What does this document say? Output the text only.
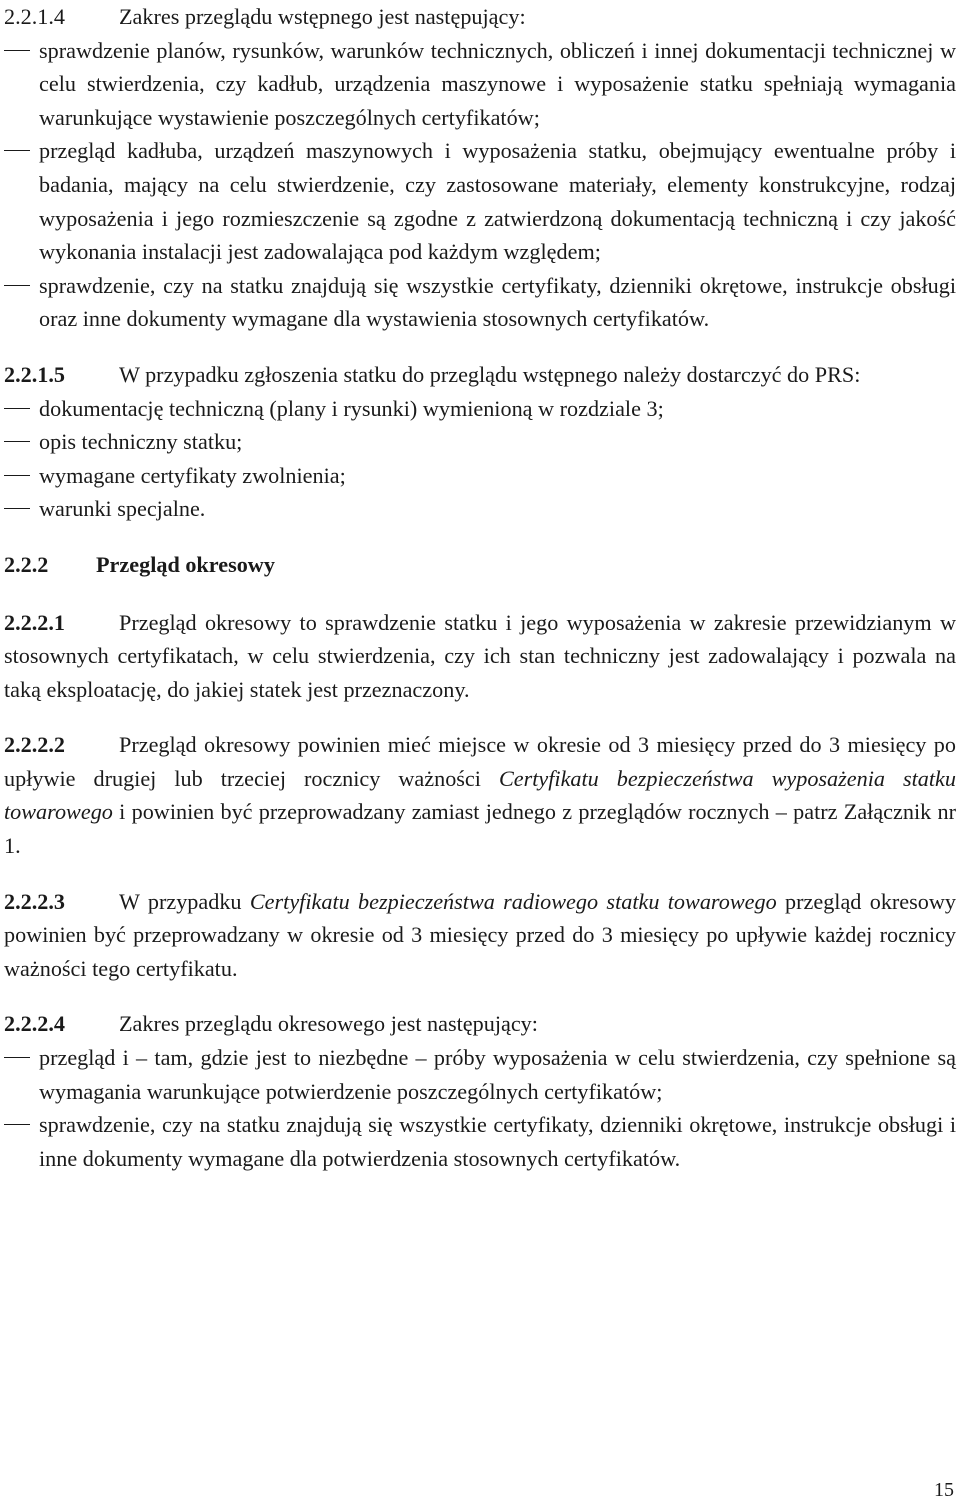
2.2.1.4 Zakres przeglądu wstępnego jest następujący:

sprawdzenie planów, rysunków, warunków technicznych, obliczeń i innej dokumentacji technicznej w celu stwierdzenia, czy kadłub, urządzenia maszynowe i wyposażenie statku spełniają wymagania warunkujące wystawienie poszczególnych certyfikatów;
przegląd kadłuba, urządzeń maszynowych i wyposażenia statku, obejmujący ewentualne próby i badania, mający na celu stwierdzenie, czy zastosowane materiały, elementy konstrukcyjne, rodzaj wyposażenia i jego rozmieszczenie są zgodne z zatwierdzoną dokumentacją techniczną i czy jakość wykonania instalacji jest zadowalająca pod każdym względem;
sprawdzenie, czy na statku znajdują się wszystkie certyfikaty, dzienniki okrętowe, instrukcje obsługi oraz inne dokumenty wymagane dla wystawienia stosownych certyfikatów.

2.2.1.5 W przypadku zgłoszenia statku do przeglądu wstępnego należy dostarczyć do PRS:

dokumentację techniczną (plany i rysunki) wymienioną w rozdziale 3;
opis techniczny statku;
wymagane certyfikaty zwolnienia;
warunki specjalne.
2.2.2 Przegląd okresowy

2.2.2.1 Przegląd okresowy to sprawdzenie statku i jego wyposażenia w zakresie przewidzianym w stosownych certyfikatach, w celu stwierdzenia, czy ich stan techniczny jest zadowalający i pozwala na taką eksploatację, do jakiej statek jest przeznaczony.

2.2.2.2 Przegląd okresowy powinien mieć miejsce w okresie od 3 miesięcy przed do 3 miesięcy po upływie drugiej lub trzeciej rocznicy ważności Certyfikatu bezpieczeństwa wyposażenia statku towarowego i powinien być przeprowadzany zamiast jednego z przeglądów rocznych – patrz Załącznik nr 1.

2.2.2.3 W przypadku Certyfikatu bezpieczeństwa radiowego statku towarowego przegląd okresowy powinien być przeprowadzany w okresie od 3 miesięcy przed do 3 miesięcy po upływie każdej rocznicy ważności tego certyfikatu.

2.2.2.4 Zakres przeglądu okresowego jest następujący:

przegląd i – tam, gdzie jest to niezbędne – próby wyposażenia w celu stwierdzenia, czy spełnione są wymagania warunkujące potwierdzenie poszczególnych certyfikatów;
sprawdzenie, czy na statku znajdują się wszystkie certyfikaty, dzienniki okrętowe, instrukcje obsługi i inne dokumenty wymagane dla potwierdzenia stosownych certyfikatów.
15
